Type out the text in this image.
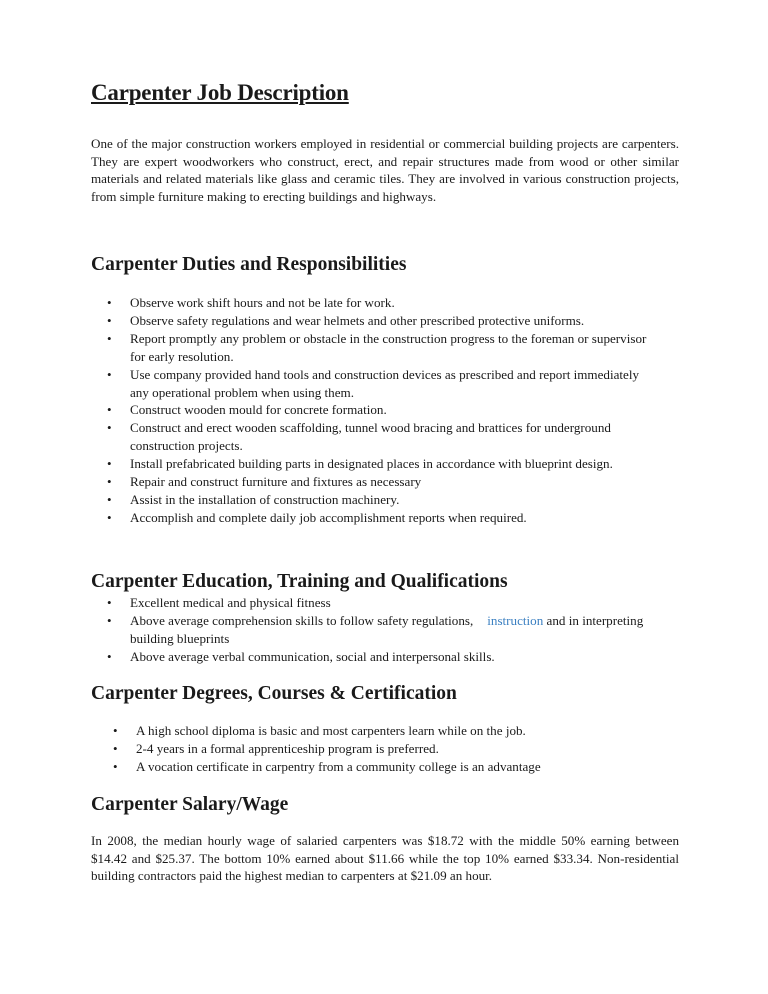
Carpenter Job Description

One of the major construction workers employed in residential or commercial building projects are carpenters. They are expert woodworkers who construct, erect, and repair structures made from wood or other similar materials and related materials like glass and ceramic tiles. They are involved in various construction projects, from simple furniture making to erecting buildings and highways.

Carpenter Duties and Responsibilities
• Observe work shift hours and not be late for work.
• Observe safety regulations and wear helmets and other prescribed protective uniforms.
• Report promptly any problem or obstacle in the construction progress to the foreman or supervisor for early resolution.
• Use company provided hand tools and construction devices as prescribed and report immediately any operational problem when using them.
• Construct wooden mould for concrete formation.
• Construct and erect wooden scaffolding, tunnel wood bracing and brattices for underground construction projects.
• Install prefabricated building parts in designated places in accordance with blueprint design.
• Repair and construct furniture and fixtures as necessary
• Assist in the installation of construction machinery.
• Accomplish and complete daily job accomplishment reports when required.
Carpenter Education, Training and Qualifications
• Excellent medical and physical fitness
• Above average comprehension skills to follow safety regulations, instruction and in interpreting building blueprints
• Above average verbal communication, social and interpersonal skills.
Carpenter Degrees, Courses & Certification
• A high school diploma is basic and most carpenters learn while on the job.
• 2-4 years in a formal apprenticeship program is preferred.
• A vocation certificate in carpentry from a community college is an advantage
Carpenter Salary/Wage

In 2008, the median hourly wage of salaried carpenters was $18.72 with the middle 50% earning between $14.42 and $25.37. The bottom 10% earned about $11.66 while the top 10% earned $33.34. Non-residential building contractors paid the highest median to carpenters at $21.09 an hour.
